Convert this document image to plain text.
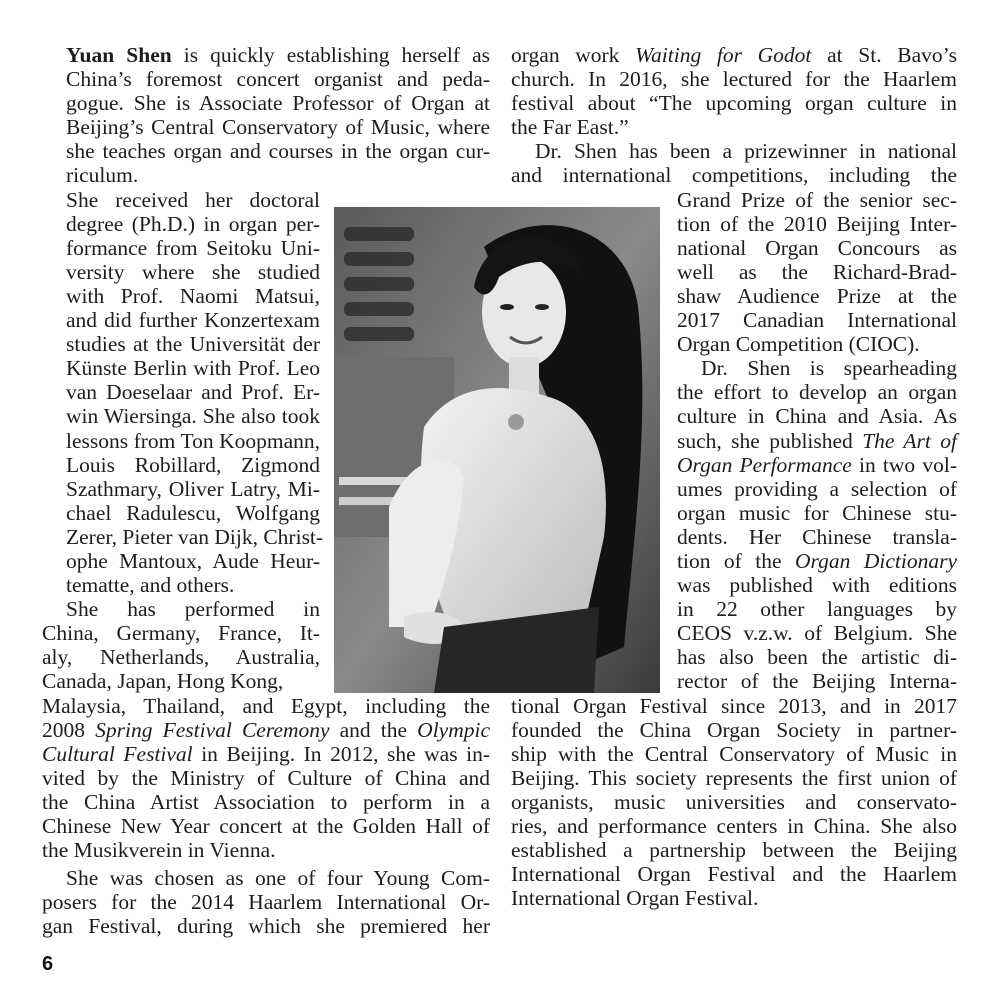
Yuan Shen is quickly establishing herself as
China’s foremost concert organist and peda-
gogue. She is Associate Professor of Organ at
Beijing’s Central Conservatory of Music, where
she teaches organ and courses in the organ cur-
riculum.

She received her doctoral
degree (Ph.D.) in organ per-
formance from Seitoku Uni-
versity where she studied
with Prof. Naomi Matsui,
and did further Konzertexam
studies at the Universität der
Künste Berlin with Prof. Leo
van Doeselaar and Prof. Er-
win Wiersinga. She also took
lessons from Ton Koopmann,
Louis Robillard, Zigmond
Szathmary, Oliver Latry, Mi-
chael Radulescu, Wolfgang
Zerer, Pieter van Dijk, Christ-
ophe Mantoux, Aude Heur-
tematte, and others.

She has performed in
China, Germany, France, It-
aly, Netherlands, Australia,
Canada, Japan, Hong Kong,
Malaysia, Thailand, and Egypt, including the
2008 Spring Festival Ceremony and the Olympic
Cultural Festival in Beijing. In 2012, she was in-
vited by the Ministry of Culture of China and
the China Artist Association to perform in a
Chinese New Year concert at the Golden Hall of
the Musikverein in Vienna.

She was chosen as one of four Young Com-
posers for the 2014 Haarlem International Or-
gan Festival, during which she premiered her

organ work Waiting for Godot at St. Bavo’s
church. In 2016, she lectured for the Haarlem
festival about “The upcoming organ culture in
the Far East.”

Dr. Shen has been a prizewinner in national
and international competitions, including the
Grand Prize of the senior sec-
tion of the 2010 Beijing Inter-
national Organ Concours as
well as the Richard-Brad-
shaw Audience Prize at the
2017 Canadian International
Organ Competition (CIOC).

Dr. Shen is spearheading
the effort to develop an organ
culture in China and Asia. As
such, she published The Art of
Organ Performance in two vol-
umes providing a selection of
organ music for Chinese stu-
dents. Her Chinese transla-
tion of the Organ Dictionary
was published with editions
in 22 other languages by
CEOS v.z.w. of Belgium. She
has also been the artistic di-
rector of the Beijing Interna-
tional Organ Festival since 2013, and in 2017
founded the China Organ Society in partner-
ship with the Central Conservatory of Music in
Beijing. This society represents the first union of
organists, music universities and conservato-
ries, and performance centers in China. She also
established a partnership between the Beijing
International Organ Festival and the Haarlem
International Organ Festival.

6
